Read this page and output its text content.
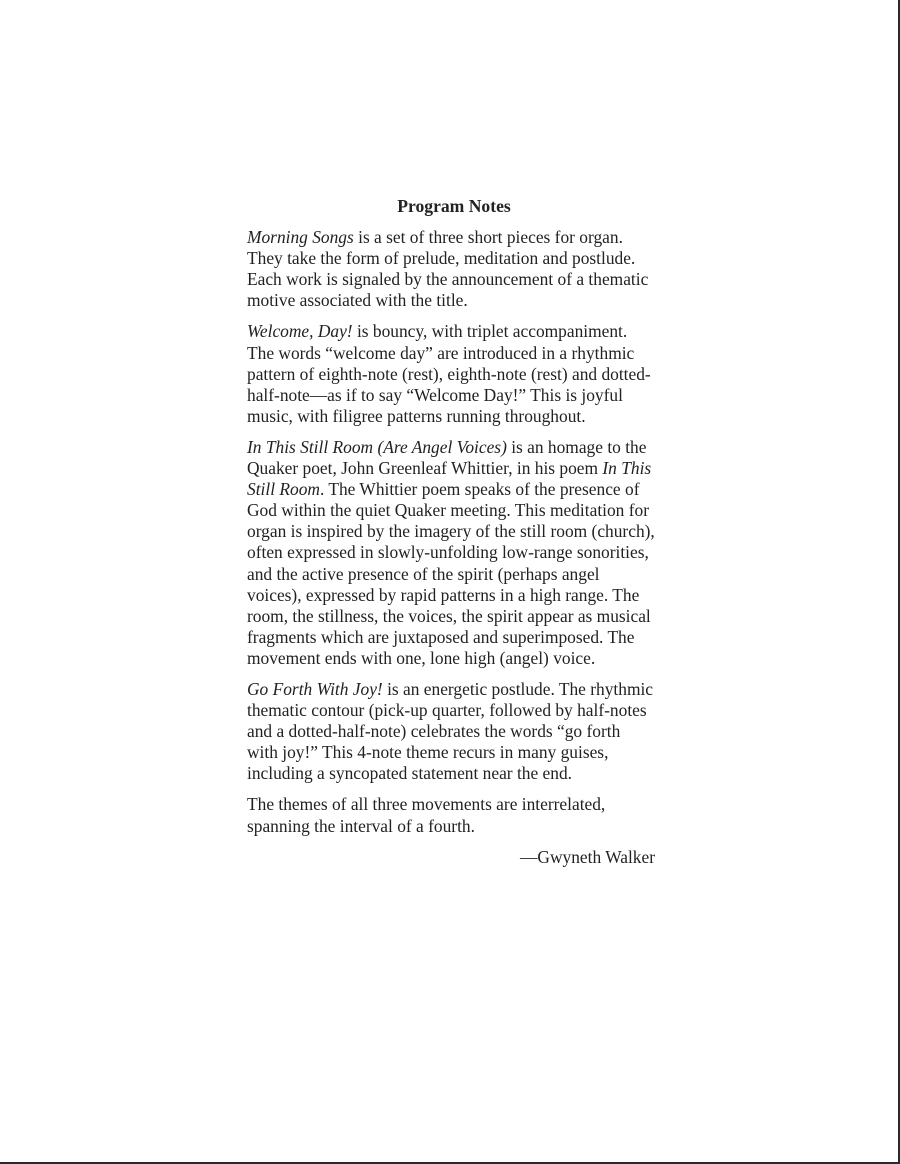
Program Notes

Morning Songs is a set of three short pieces for organ. They take the form of prelude, meditation and postlude. Each work is signaled by the announcement of a thematic motive associated with the title.

Welcome, Day! is bouncy, with triplet accompaniment. The words “welcome day” are introduced in a rhythmic pattern of eighth-note (rest), eighth-note (rest) and dotted-half-note—as if to say “Welcome Day!” This is joyful music, with filigree patterns running throughout.

In This Still Room (Are Angel Voices) is an homage to the Quaker poet, John Greenleaf Whittier, in his poem In This Still Room. The Whittier poem speaks of the presence of God within the quiet Quaker meeting. This meditation for organ is inspired by the imagery of the still room (church), often expressed in slowly-unfolding low-range sonorities, and the active presence of the spirit (perhaps angel voices), expressed by rapid patterns in a high range. The room, the stillness, the voices, the spirit appear as musical fragments which are juxtaposed and superimposed. The movement ends with one, lone high (angel) voice.

Go Forth With Joy! is an energetic postlude. The rhythmic thematic contour (pick-up quarter, followed by half-notes and a dotted-half-note) celebrates the words “go forth with joy!” This 4-note theme recurs in many guises, including a syncopated statement near the end.

The themes of all three movements are interrelated, spanning the interval of a fourth.

—Gwyneth Walker
